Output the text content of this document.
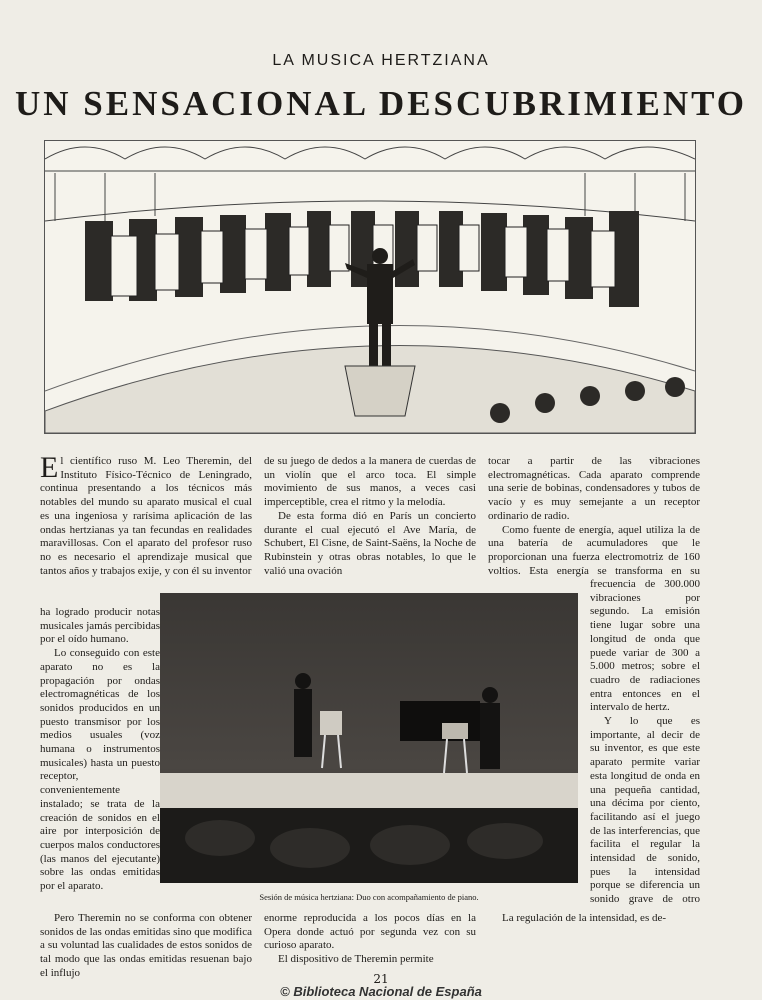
LA MUSICA HERTZIANA
UN SENSACIONAL DESCUBRIMIENTO

El científico ruso M. Leo Theremin, del Instituto Físico-Técnico de Leningrado, continua presentando a los técnicos más notables del mundo su aparato musical el cual es una ingeniosa y rarísima aplicación de las ondas hertzianas ya tan fecundas en realidades maravillosas. Con el aparato del profesor ruso no es necesario el aprendizaje musical que tantos años y trabajos exije, y con él su inventor

de su juego de dedos a la manera de cuerdas de un violín que el arco toca. El simple movimiento de sus manos, a veces casi imperceptible, crea el ritmo y la melodía.

De esta forma dió en París un concierto durante el cual ejecutó el Ave María, de Schubert, El Cisne, de Saint-Saëns, la Noche de Rubinstein y otras obras notables, lo que le valió una ovación

tocar a partir de las vibraciones electromagnéticas. Cada aparato comprende una serie de bobinas, condensadores y tubos de vacío y es muy semejante a un receptor ordinario de radio.

Como fuente de energía, aquel utiliza la de una batería de acumuladores que le proporcionan una fuerza electromotriz de 160 voltios. Esta energía se transforma en su

ha logrado producir notas musicales jamás percibidas por el oído humano.

Lo conseguido con este aparato no es la propagación por ondas electromagnéticas de los sonidos producidos en un puesto transmisor por los medios usuales (voz humana o instrumentos musicales) hasta un puesto receptor, convenientemente instalado; se trata de la creación de sonidos en el aire por interposición de cuerpos malos conductores (las manos del ejecutante) sobre las ondas emitidas por el aparato.

frecuencia de 300.000 vibraciones por segundo. La emisión tiene lugar sobre una longitud de onda que puede variar de 300 a 5.000 metros; sobre el cuadro de radiaciones entra entonces en el intervalo de hertz.

Y lo que es importante, al decir de su inventor, es que este aparato permite variar esta longitud de onda en una pequeña cantidad, una décima por ciento, facilitando así el juego de las interferencias, que facilita el regular la intensidad de sonido, pues la intensidad porque se diferencia un sonido grave de otro

Sesión de música hertziana: Duo con acompañamiento de piano.

Pero Theremin no se conforma con obtener sonidos de las ondas emitidas sino que modifica a su voluntad las cualidades de estos sonidos de tal modo que las ondas emitidas resuenan bajo el influjo

enorme reproducida a los pocos días en la Opera donde actuó por segunda vez con su curioso aparato.

El dispositivo de Theremin permite

La regulación de la intensidad, es de-

21
© Biblioteca Nacional de España
